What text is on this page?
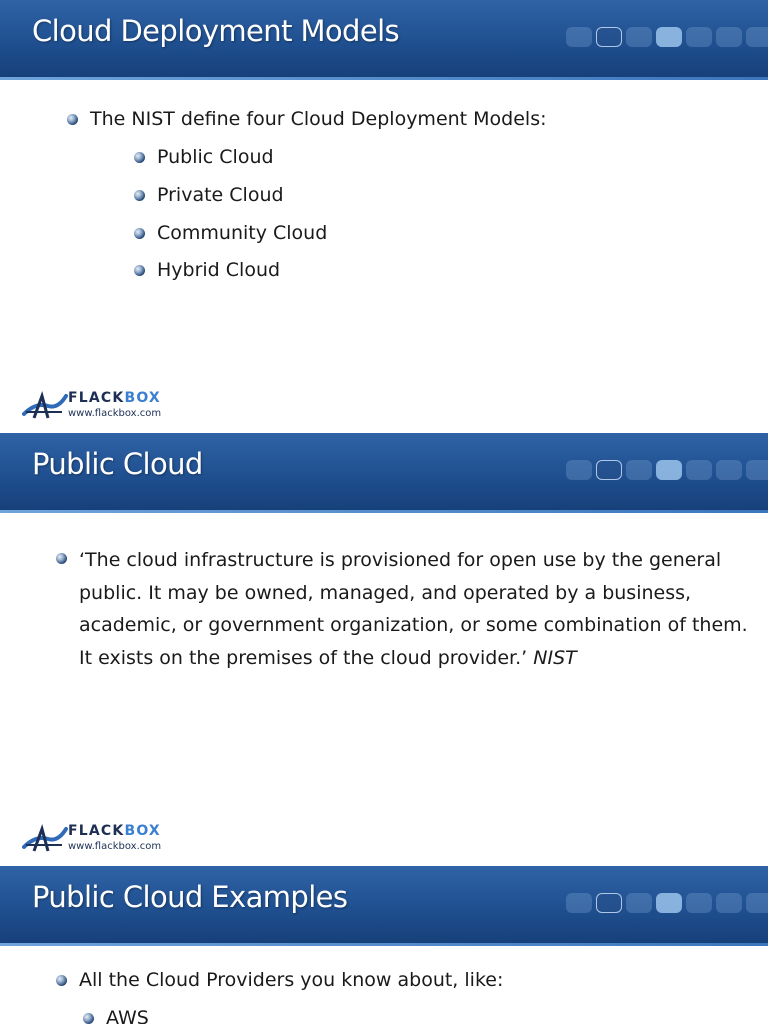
Cloud Deployment Models
The NIST define four Cloud Deployment Models:
Public Cloud
Private Cloud
Community Cloud
Hybrid Cloud
FLACKBOX
www.flackbox.com
Public Cloud
‘The cloud infrastructure is provisioned for open use by the general
public. It may be owned, managed, and operated by a business,
academic, or government organization, or some combination of them.
It exists on the premises of the cloud provider.’ NIST
FLACKBOX
www.flackbox.com
Public Cloud Examples
All the Cloud Providers you know about, like:
AWS
